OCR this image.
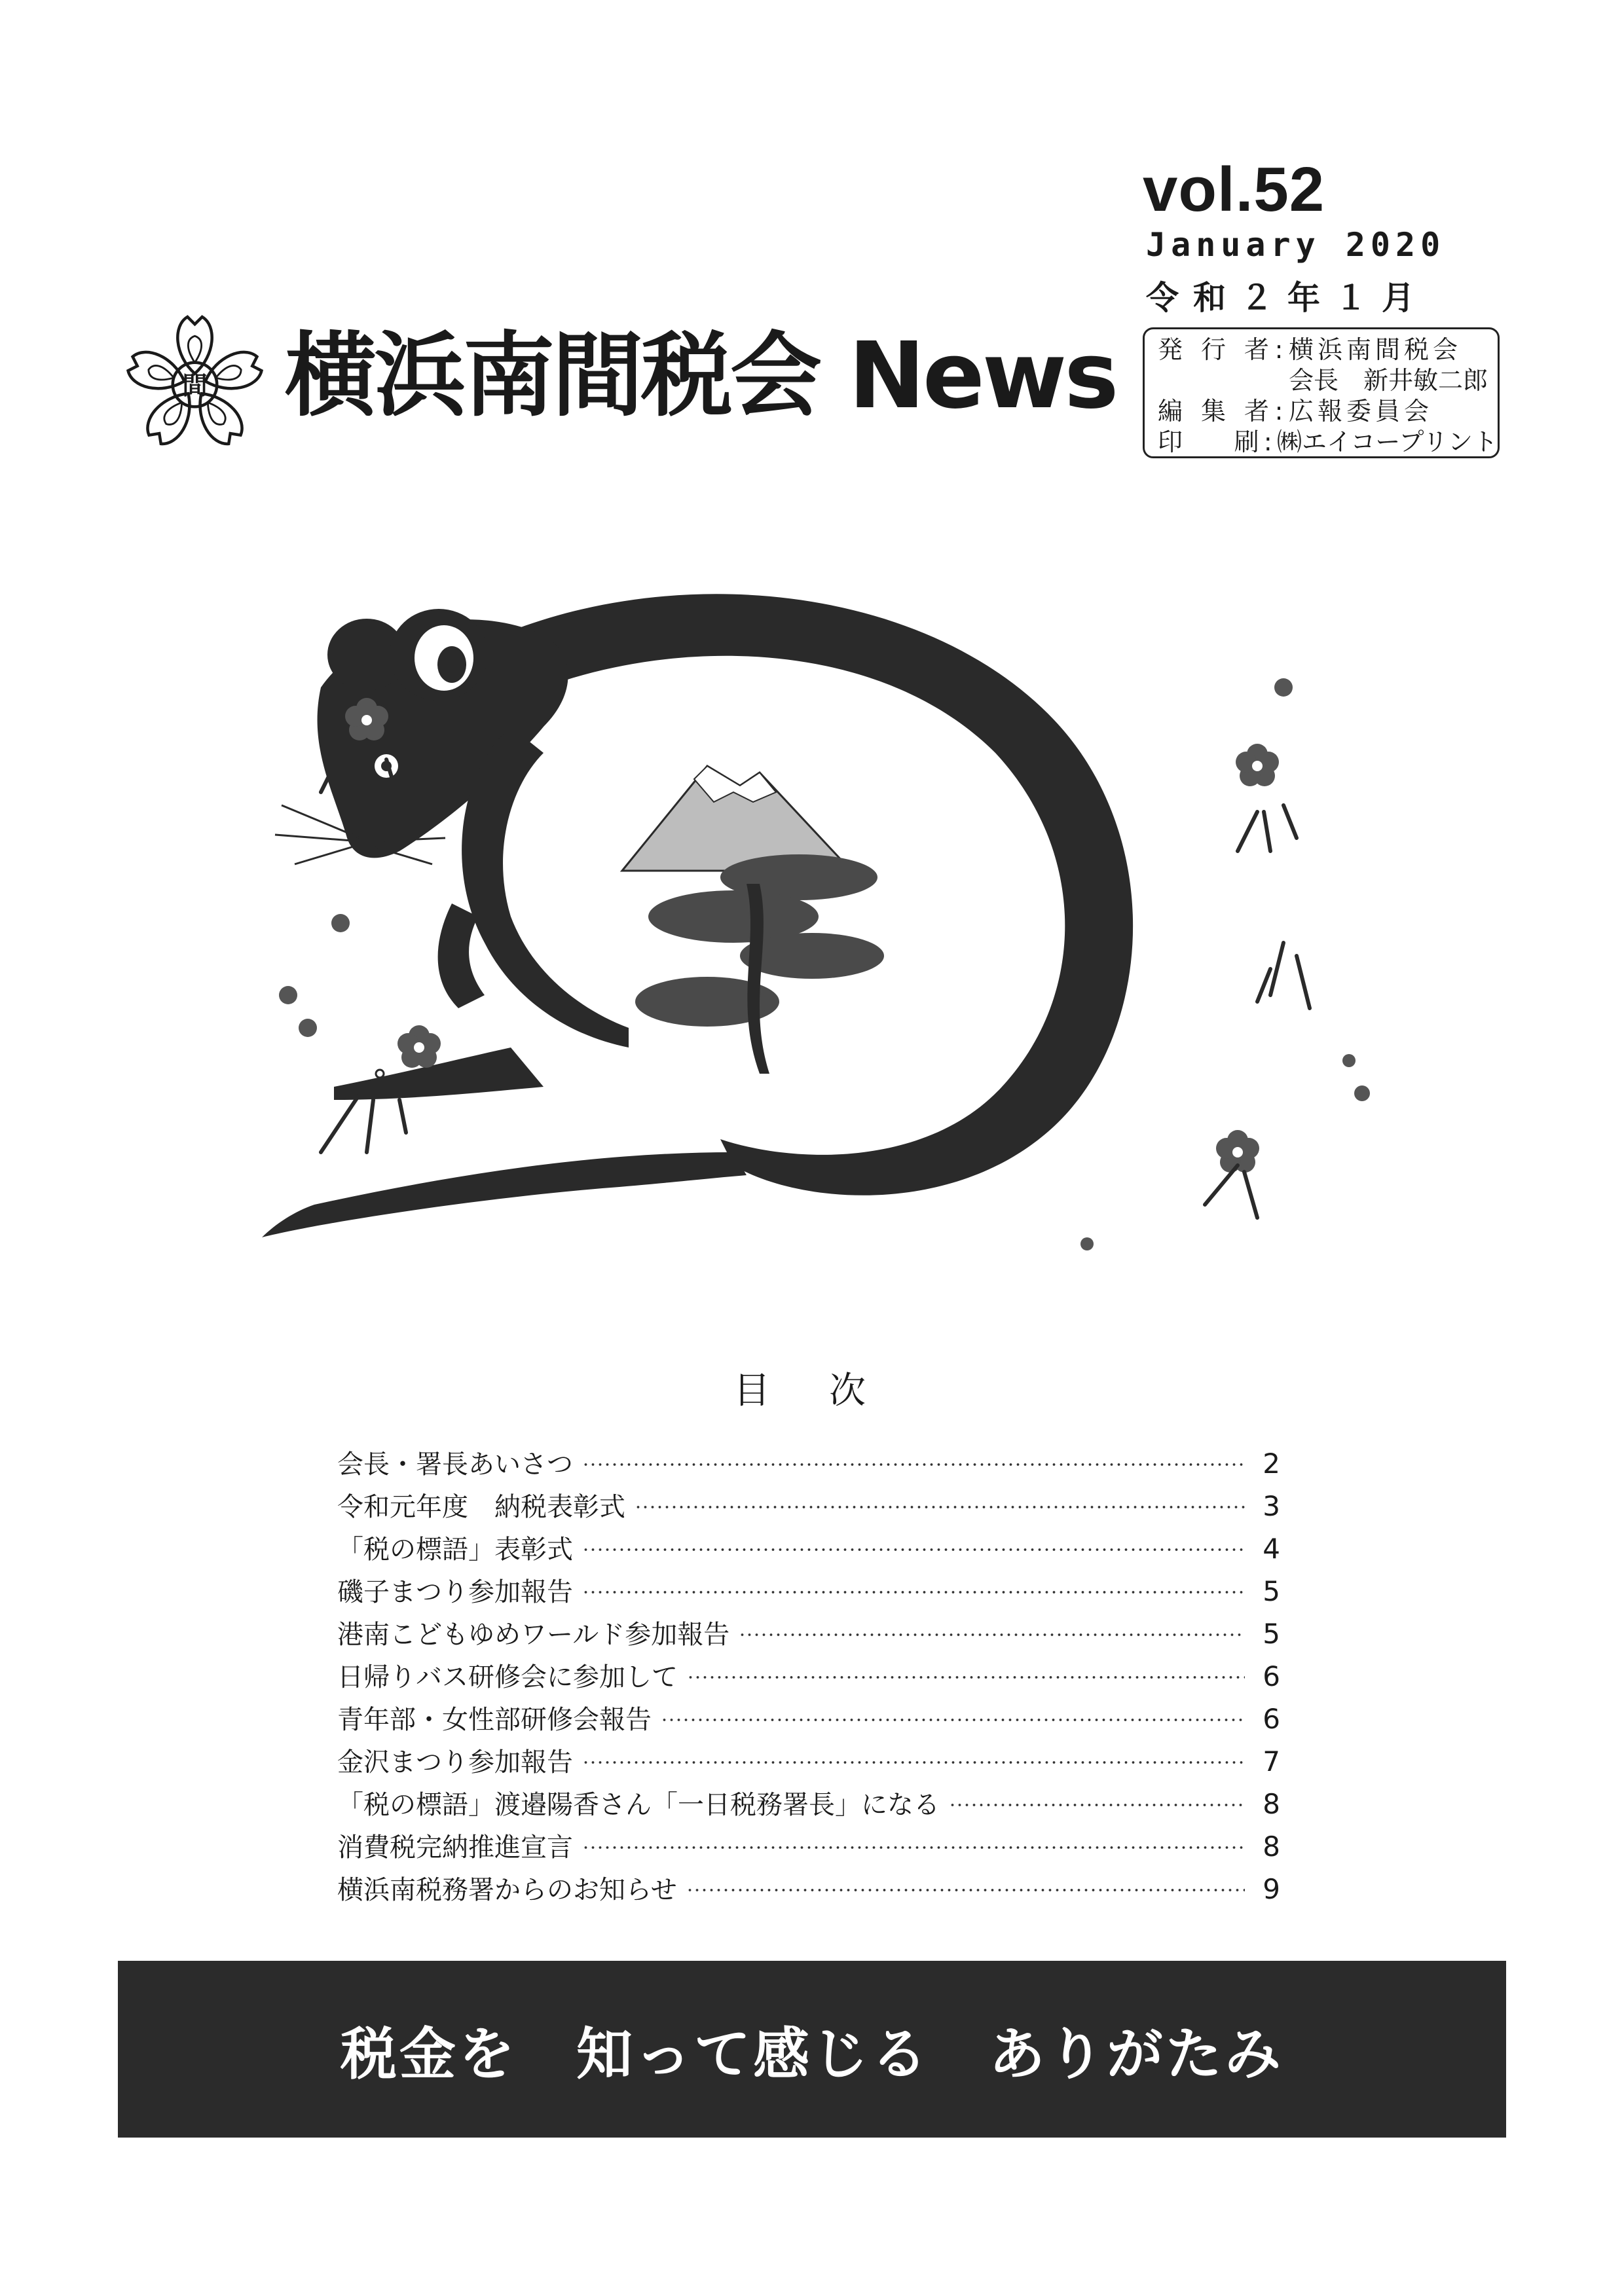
vol.52
January 2020
令和２年１月
間 横浜南間税会 News 発行者 : 横浜南間税会
会長　新井敏二郎
編集者 : 広報委員会
印　刷 : ㈱エイコープリント
目次
会長・署長あいさつ	2
令和元年度　納税表彰式	3
「税の標語」表彰式	4
磯子まつり参加報告	5
港南こどもゆめワールド参加報告	5
日帰りバス研修会に参加して	6
青年部・女性部研修会報告	6
金沢まつり参加報告	7
「税の標語」渡邉陽香さん「一日税務署長」になる	8
消費税完納推進宣言	8
横浜南税務署からのお知らせ	9
税金を　知って感じる　ありがたみ
